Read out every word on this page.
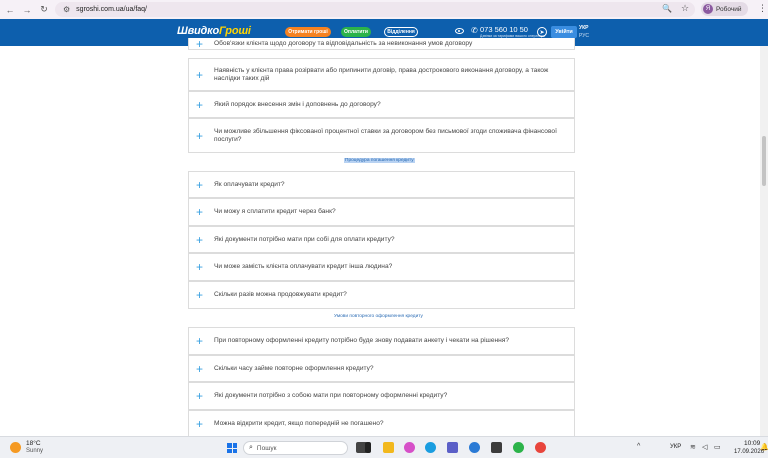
← → ↻	⚙ sgroshi.com.ua/ua/faq/	🔍 ☆	Я Робочий ⋮
ШвидкоГроші	Отримати гроші	Оплатити	Відділення	✆ 073 560 10 50
Дзвінки за тарифами вашого оператора
➤	Увійти
УКР
РУС
+	Обов'язки клієнта щодо договору та відповідальність за невиконання умов договору
+	Наявність у клієнта права розірвати або припинити договір, права дострокового виконання договору, а також наслідки таких дій
+	Який порядок внесення змін і доповнень до договору?
+	Чи можливе збільшення фіксованої процентної ставки за договором без письмової згоди споживача фінансової послуги?
Процедура погашення кредиту
+	Як оплачувати кредит?
+	Чи можу я сплатити кредит через банк?
+	Які документи потрібно мати при собі для оплати кредиту?
+	Чи може замість клієнта оплачувати кредит інша людина?
+	Скільки разів можна продовжувати кредит?
Умови повторного оформлення кредиту
+	При повторному оформленні кредиту потрібно буде знову подавати анкету і чекати на рішення?
+	Скільки часу займе повторне оформлення кредиту?
+	Які документи потрібно з собою мати при повторному оформленні кредиту?
+	Можна відкрити кредит, якщо попередній не погашено?
18°C
Sunny	⌕ Пошук	^	УКР ≋ ◁ ▭
10:09
17.09.2026
🔔
